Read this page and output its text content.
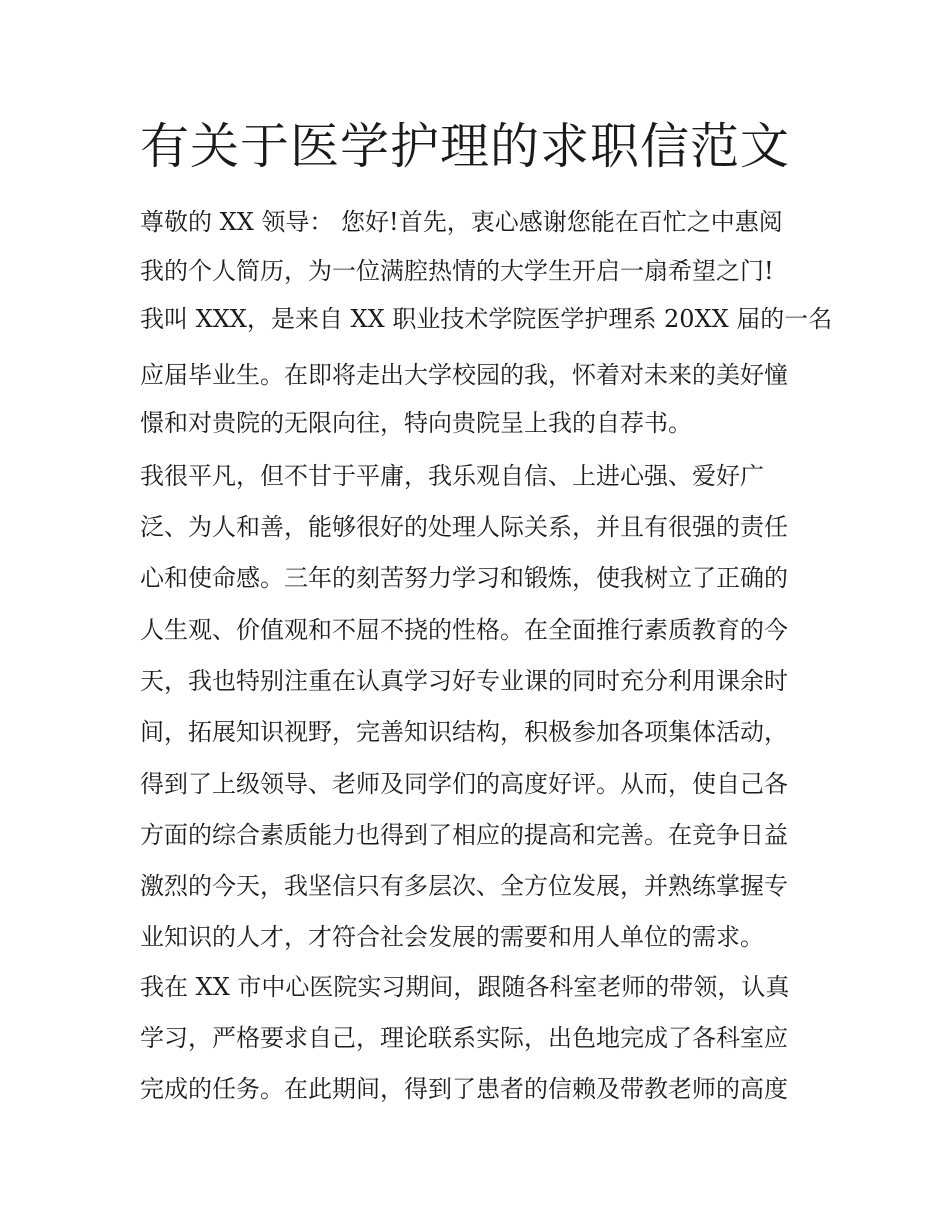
有关于医学护理的求职信范文

尊敬的 XX 领导： 您好!首先，衷心感谢您能在百忙之中惠阅

我的个人简历，为一位满腔热情的大学生开启一扇希望之门!

我叫 XXX，是来自 XX 职业技术学院医学护理系 20XX 届的一名

应届毕业生。在即将走出大学校园的我，怀着对未来的美好憧

憬和对贵院的无限向往，特向贵院呈上我的自荐书。

我很平凡，但不甘于平庸，我乐观自信、上进心强、爱好广

泛、为人和善，能够很好的处理人际关系，并且有很强的责任

心和使命感。三年的刻苦努力学习和锻炼，使我树立了正确的

人生观、价值观和不屈不挠的性格。在全面推行素质教育的今

天，我也特别注重在认真学习好专业课的同时充分利用课余时

间，拓展知识视野，完善知识结构，积极参加各项集体活动，

得到了上级领导、老师及同学们的高度好评。从而，使自己各

方面的综合素质能力也得到了相应的提高和完善。在竞争日益

激烈的今天，我坚信只有多层次、全方位发展，并熟练掌握专

业知识的人才，才符合社会发展的需要和用人单位的需求。

我在 XX 市中心医院实习期间，跟随各科室老师的带领，认真

学习，严格要求自己，理论联系实际，出色地完成了各科室应

完成的任务。在此期间，得到了患者的信赖及带教老师的高度
